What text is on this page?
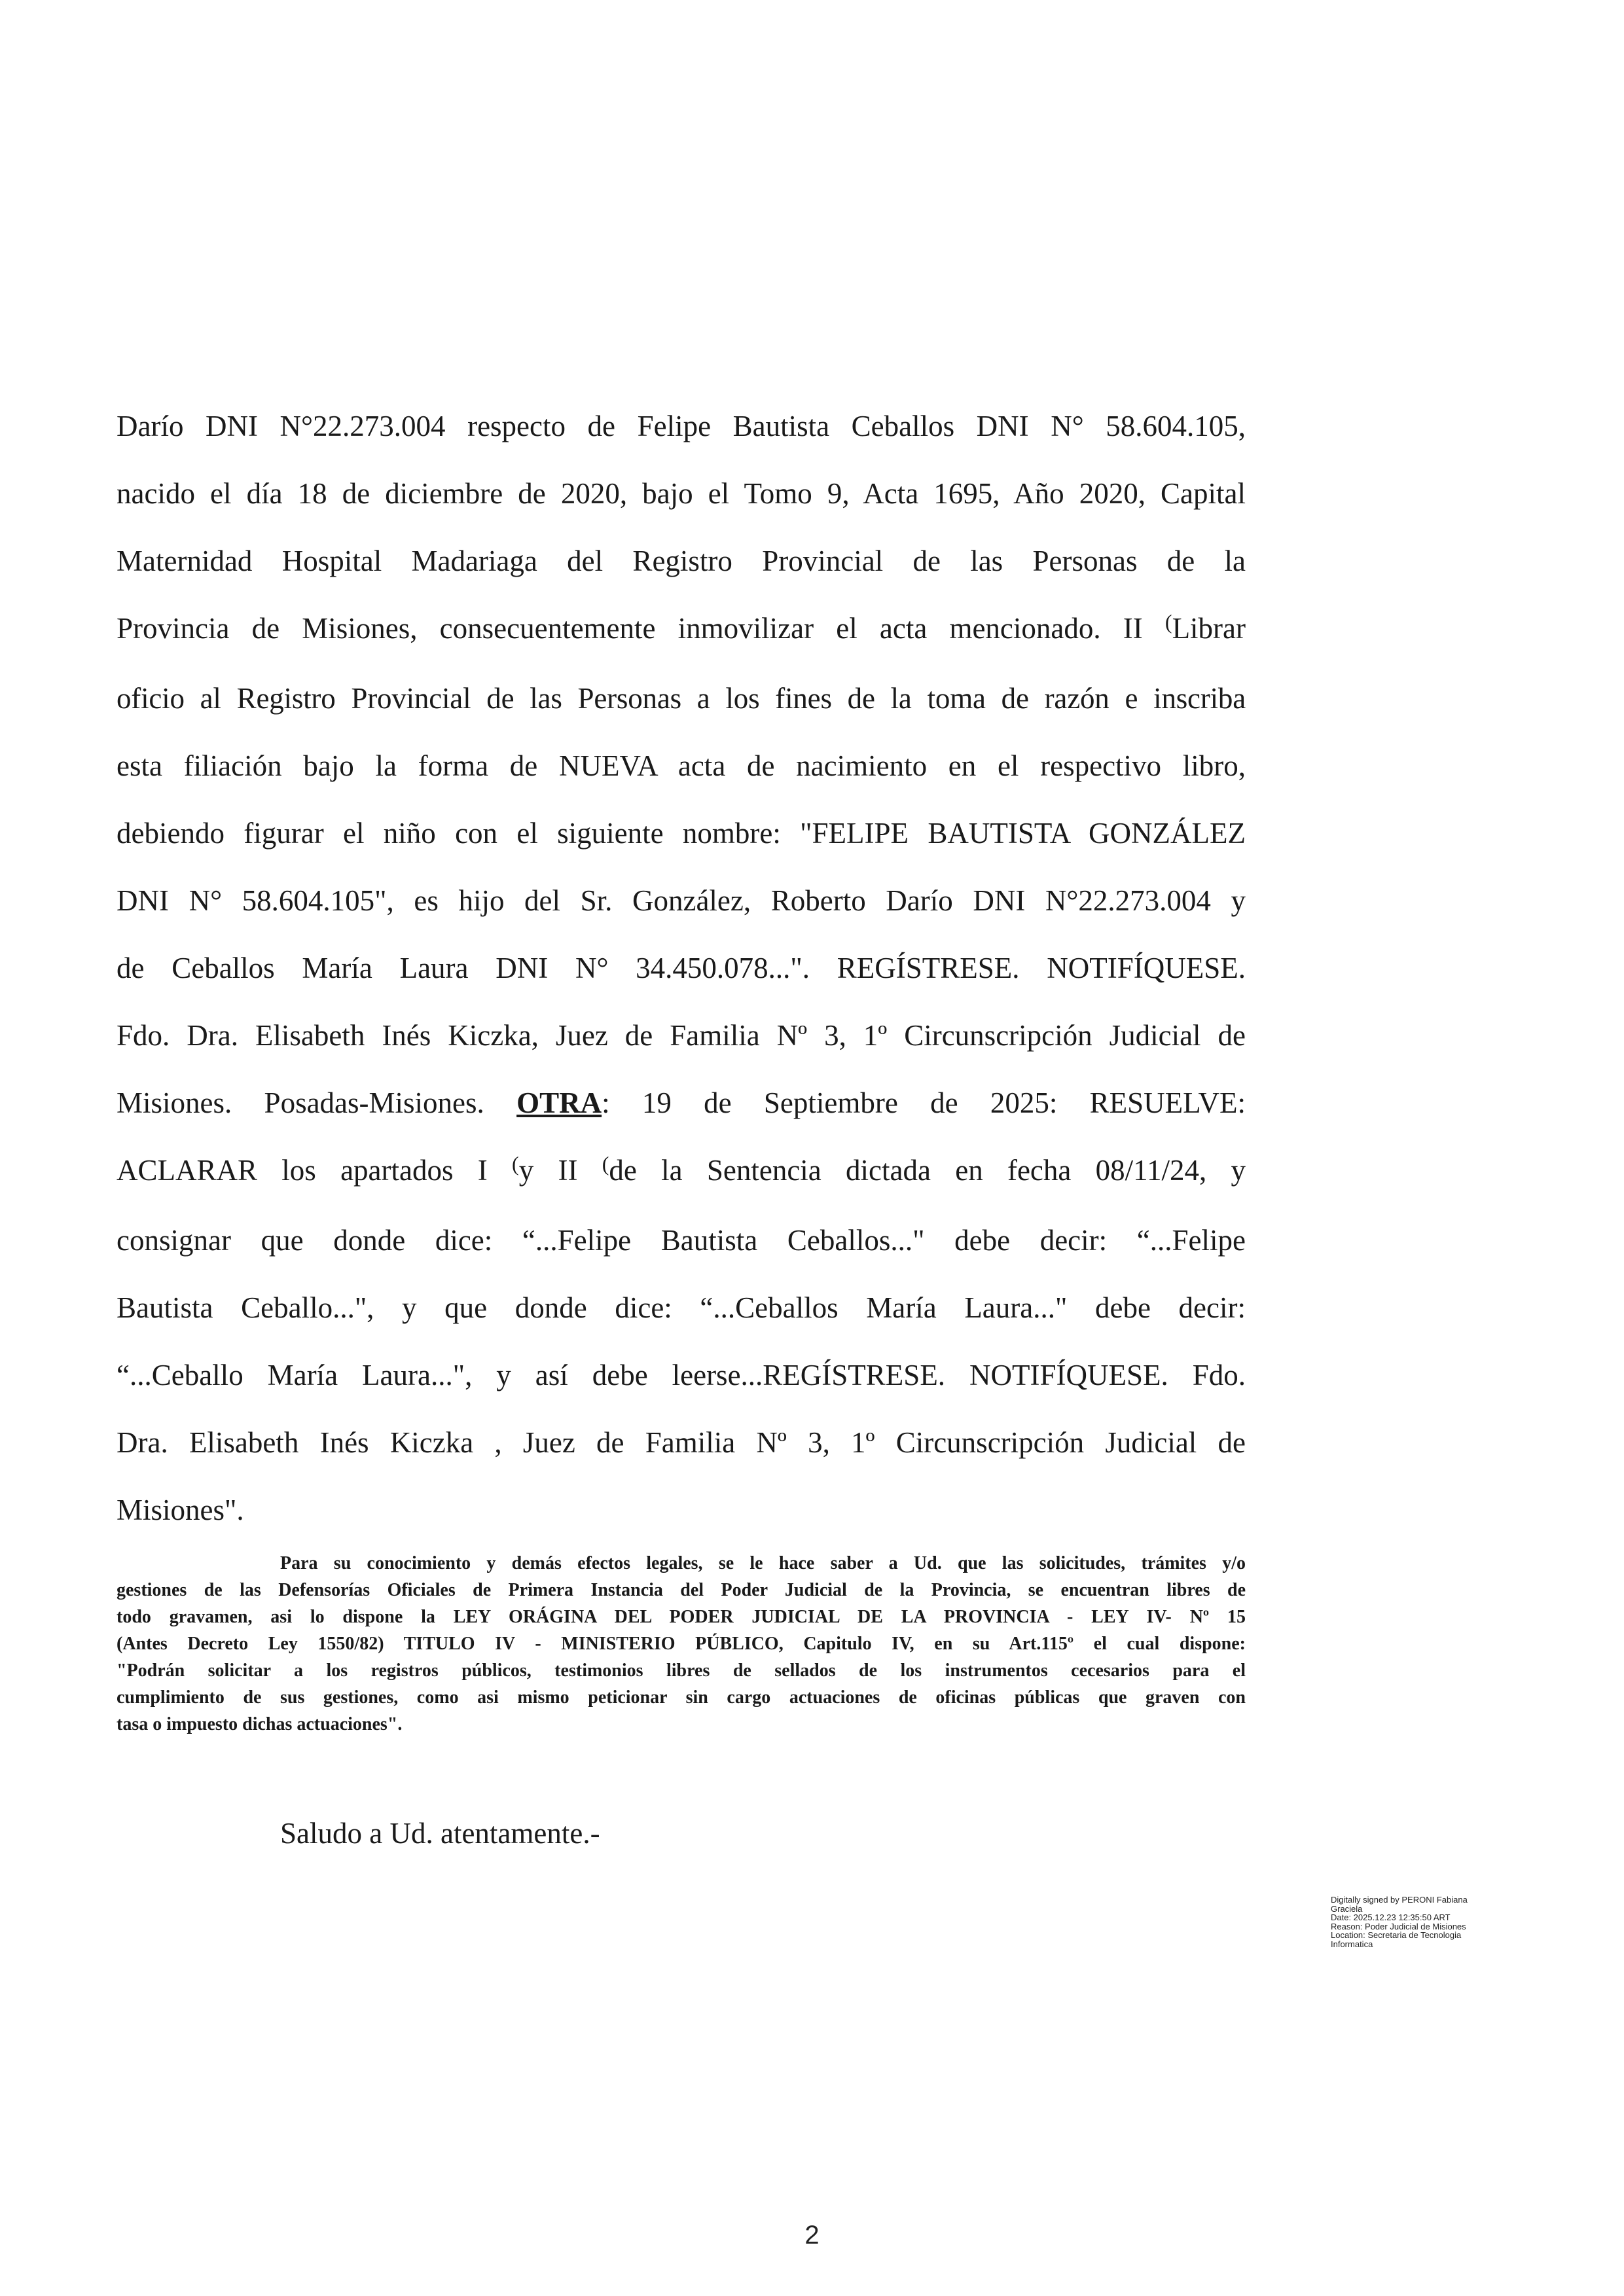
Darío DNI N°22.273.004 respecto de Felipe Bautista Ceballos DNI N° 58.604.105,
nacido el día 18 de diciembre de 2020, bajo el Tomo 9, Acta 1695, Año 2020, Capital
Maternidad Hospital Madariaga del Registro Provincial de las Personas de la
Provincia de Misiones, consecuentemente inmovilizar el acta mencionado. II (Librar
oficio al Registro Provincial de las Personas a los fines de la toma de razón e inscriba
esta filiación bajo la forma de NUEVA acta de nacimiento en el respectivo libro,
debiendo figurar el niño con el siguiente nombre: "FELIPE BAUTISTA GONZÁLEZ
DNI N° 58.604.105", es hijo del Sr. González, Roberto Darío DNI N°22.273.004 y
de Ceballos María Laura DNI N° 34.450.078...". REGÍSTRESE. NOTIFÍQUESE.
Fdo. Dra. Elisabeth Inés Kiczka, Juez de Familia Nº 3, 1º Circunscripción Judicial de
Misiones. Posadas-Misiones. OTRA: 19 de Septiembre de 2025: RESUELVE:
ACLARAR los apartados I (y II (de la Sentencia dictada en fecha 08/11/24, y
consignar que donde dice: “...Felipe Bautista Ceballos..." debe decir: “...Felipe
Bautista Ceballo...", y que donde dice: “...Ceballos María Laura..." debe decir:
“...Ceballo María Laura...", y así debe leerse...REGÍSTRESE. NOTIFÍQUESE. Fdo.
Dra. Elisabeth Inés Kiczka , Juez de Familia Nº 3, 1º Circunscripción Judicial de
Misiones".
Para su conocimiento y demás efectos legales, se le hace saber a Ud. que las solicitudes, trámites y/o
gestiones de las Defensorías Oficiales de Primera Instancia del Poder Judicial de la Provincia, se encuentran libres de
todo gravamen, asi lo dispone la LEY ORÁGINA DEL PODER JUDICIAL DE LA PROVINCIA - LEY IV- Nº 15
(Antes Decreto Ley 1550/82) TITULO IV - MINISTERIO PÚBLICO, Capitulo IV, en su Art.115º el cual dispone:
"Podrán solicitar a los registros públicos, testimonios libres de sellados de los instrumentos cecesarios para el
cumplimiento de sus gestiones, como asi mismo peticionar sin cargo actuaciones de oficinas públicas que graven con
tasa o impuesto dichas actuaciones".
Saludo a Ud. atentamente.-
Digitally signed by PERONI Fabiana
Graciela
Date: 2025.12.23 12:35:50 ART
Reason: Poder Judicial de Misiones
Location: Secretaria de Tecnologia
Informatica
2
